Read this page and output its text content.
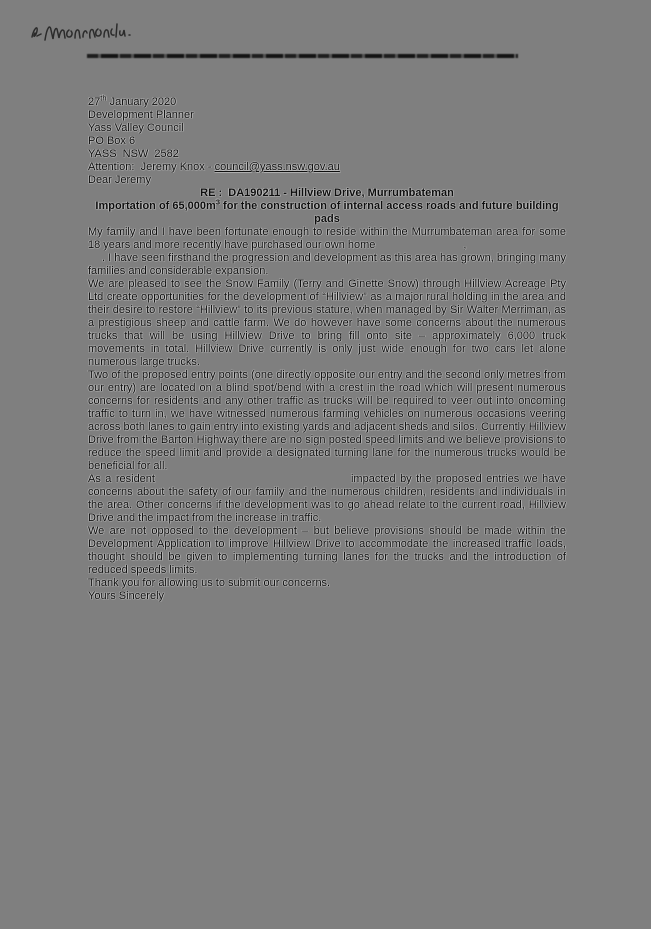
27th January 2020
Development Planner
Yass Valley Council
PO Box 6
YASS  NSW  2582
Attention:  Jeremy Knox - council@yass.nsw.gov.au
Dear Jeremy
RE :  DA190211 - Hillview Drive, Murrumbateman
Importation of $65,000m^3$ for the construction of internal access roads and future building pads

My family and I have been fortunate enough to reside within the Murrumbateman area for some 18 years and more recently have purchased our own home	,
. I have seen firsthand the progression and development as this area has grown, bringing many families and considerable expansion.

We are pleased to see the Snow Family (Terry and Ginette Snow) through Hillview Acreage Pty Ltd create opportunities for the development of “Hillview” as a major rural holding in the area and their desire to restore “Hillview” to its previous stature, when managed by Sir Walter Merriman, as a prestigious sheep and cattle farm. We do however have some concerns about the numerous trucks that will be using Hillview Drive to bring fill onto site – approximately 6,000 truck movements in total. Hillview Drive currently is only just wide enough for two cars let alone numerous large trucks.

Two of the proposed entry points (one directly opposite our entry and the second only metres from our entry) are located on a blind spot/bend with a crest in the road which will present numerous concerns for residents and any other traffic as trucks will be required to veer out into oncoming traffic to turn in, we have witnessed numerous farming vehicles on numerous occasions veering across both lanes to gain entry into existing yards and adjacent sheds and silos. Currently Hillview Drive from the Barton Highway there are no sign posted speed limits and we believe provisions to reduce the speed limit and provide a designated turning lane for the numerous trucks would be beneficial for all.

As a resident	impacted by the proposed entries we have concerns about the safety of our family and the numerous children, residents and individuals in the area. Other concerns if the development was to go ahead relate to the current road, Hillview Drive and the impact from the increase in traffic.

We are not opposed to the development – but believe provisions should be made within the Development Application to improve Hillview Drive to accommodate the increased traffic loads, thought should be given to implementing turning lanes for the trucks and the introduction of reduced speeds limits.

Thank you for allowing us to submit our concerns.
Yours Sincerely
